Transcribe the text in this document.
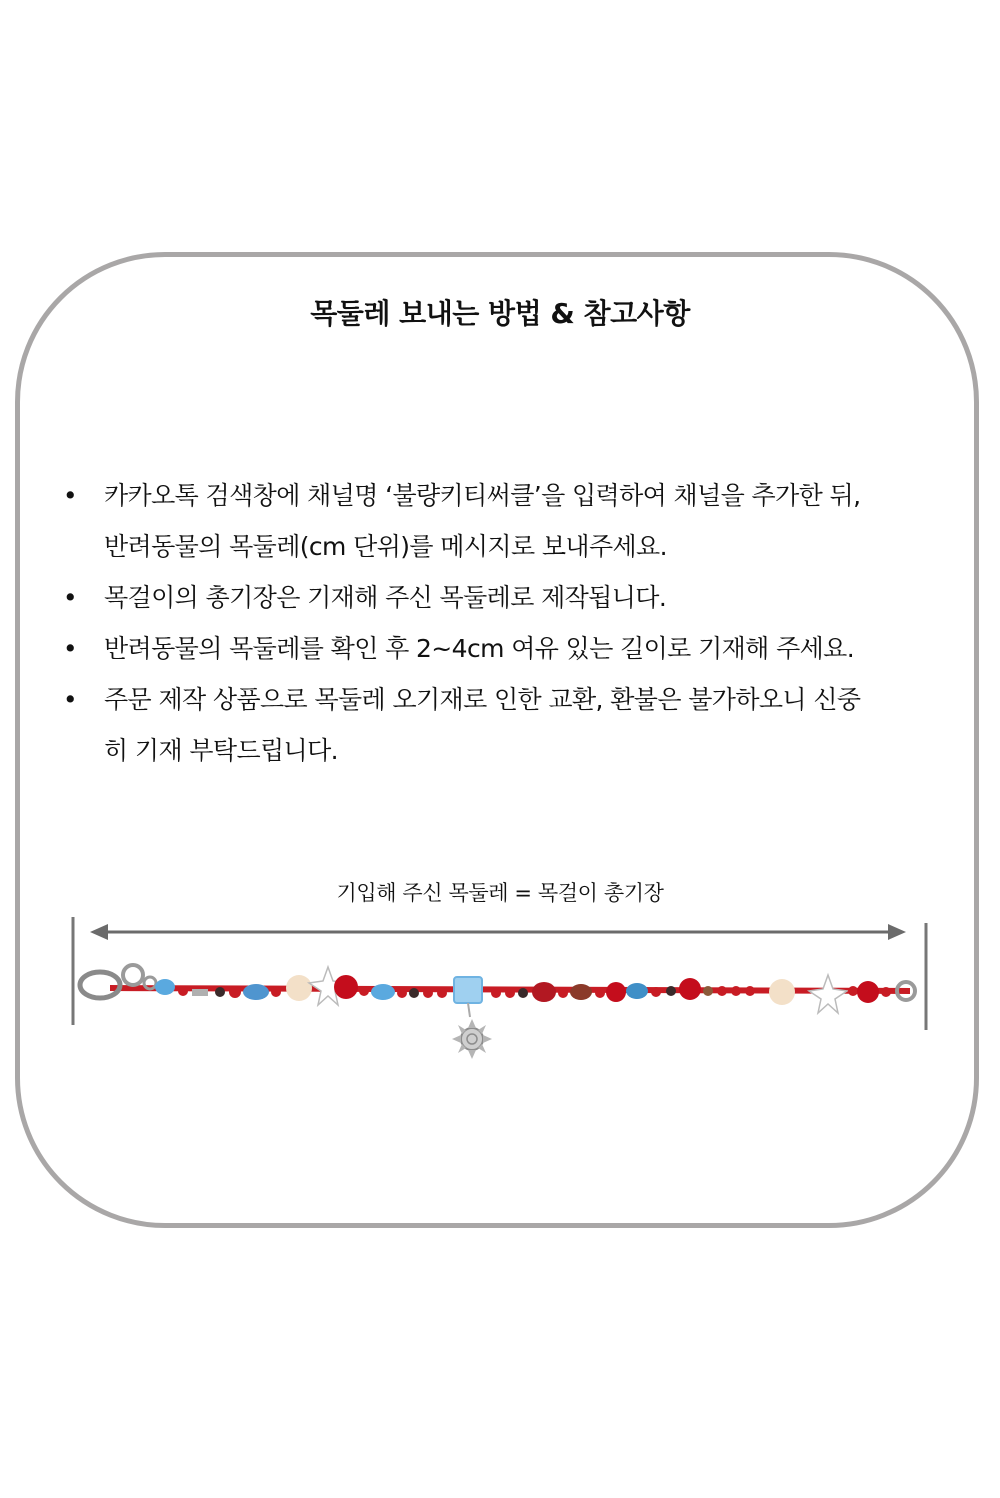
목둘레 보내는 방법 & 참고사항
• 카카오톡 검색창에 채널명 ‘불량키티써클’을 입력하여 채널을 추가한 뒤,
반려동물의 목둘레(cm 단위)를 메시지로 보내주세요.
• 목걸이의 총기장은 기재해 주신 목둘레로 제작됩니다.
• 반려동물의 목둘레를 확인 후 2~4cm 여유 있는 길이로 기재해 주세요.
• 주문 제작 상품으로 목둘레 오기재로 인한 교환, 환불은 불가하오니 신중
히 기재 부탁드립니다.
기입해 주신 목둘레 = 목걸이 총기장
